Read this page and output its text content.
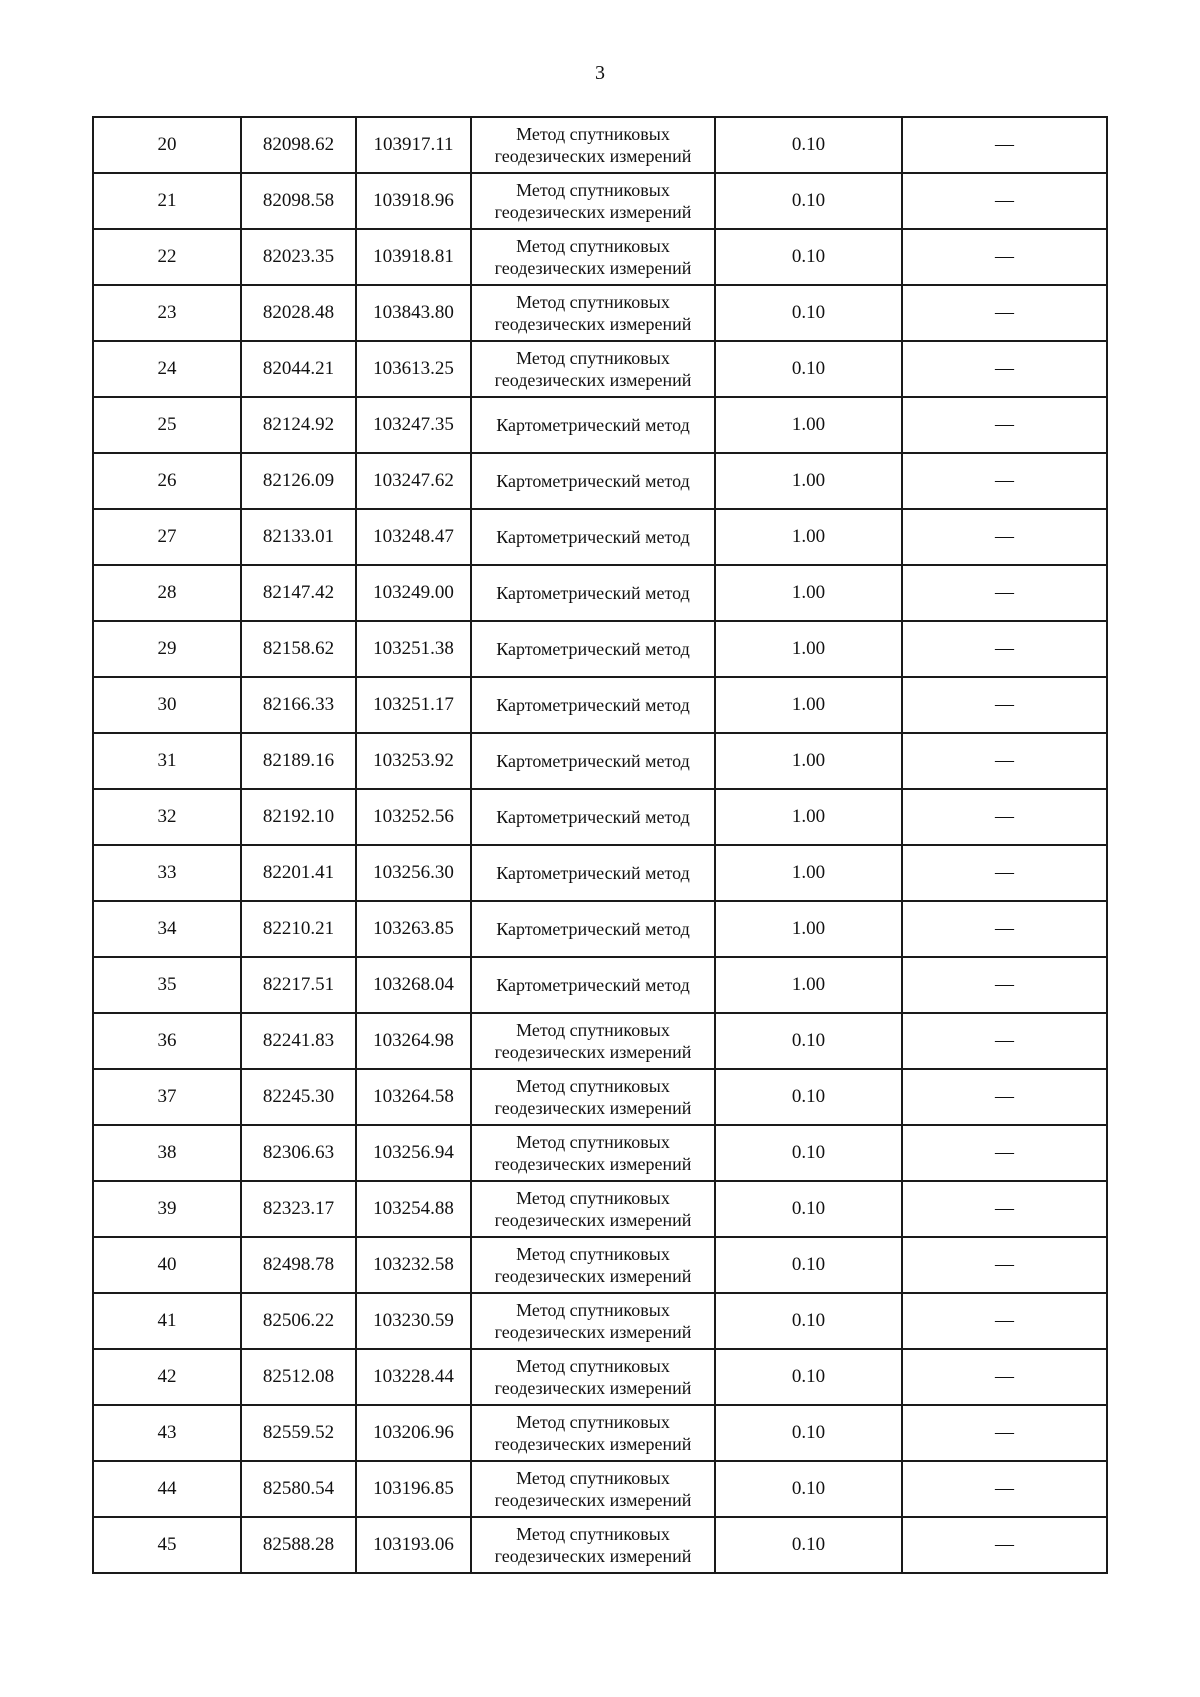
3
20	82098.62	103917.11	Метод спутниковых геодезических измерений	0.10	—
21	82098.58	103918.96	Метод спутниковых геодезических измерений	0.10	—
22	82023.35	103918.81	Метод спутниковых геодезических измерений	0.10	—
23	82028.48	103843.80	Метод спутниковых геодезических измерений	0.10	—
24	82044.21	103613.25	Метод спутниковых геодезических измерений	0.10	—
25	82124.92	103247.35	Картометрический метод	1.00	—
26	82126.09	103247.62	Картометрический метод	1.00	—
27	82133.01	103248.47	Картометрический метод	1.00	—
28	82147.42	103249.00	Картометрический метод	1.00	—
29	82158.62	103251.38	Картометрический метод	1.00	—
30	82166.33	103251.17	Картометрический метод	1.00	—
31	82189.16	103253.92	Картометрический метод	1.00	—
32	82192.10	103252.56	Картометрический метод	1.00	—
33	82201.41	103256.30	Картометрический метод	1.00	—
34	82210.21	103263.85	Картометрический метод	1.00	—
35	82217.51	103268.04	Картометрический метод	1.00	—
36	82241.83	103264.98	Метод спутниковых геодезических измерений	0.10	—
37	82245.30	103264.58	Метод спутниковых геодезических измерений	0.10	—
38	82306.63	103256.94	Метод спутниковых геодезических измерений	0.10	—
39	82323.17	103254.88	Метод спутниковых геодезических измерений	0.10	—
40	82498.78	103232.58	Метод спутниковых геодезических измерений	0.10	—
41	82506.22	103230.59	Метод спутниковых геодезических измерений	0.10	—
42	82512.08	103228.44	Метод спутниковых геодезических измерений	0.10	—
43	82559.52	103206.96	Метод спутниковых геодезических измерений	0.10	—
44	82580.54	103196.85	Метод спутниковых геодезических измерений	0.10	—
45	82588.28	103193.06	Метод спутниковых геодезических измерений	0.10	—
